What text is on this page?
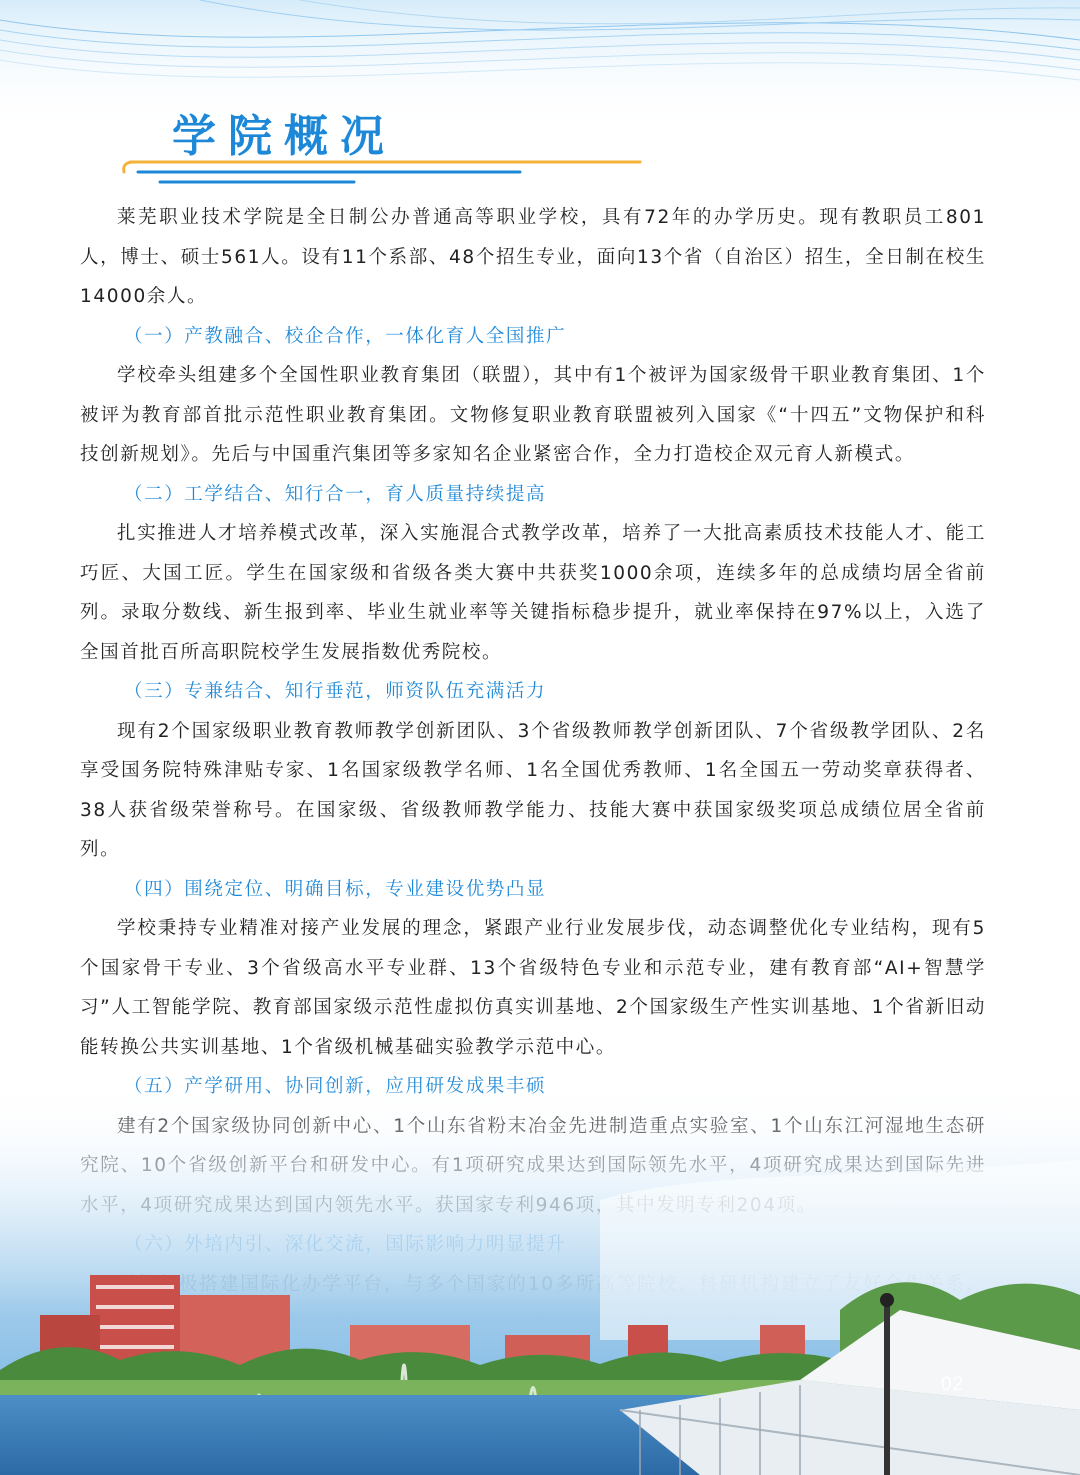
学院概况

莱芜职业技术学院是全日制公办普通高等职业学校，具有72年的办学历史。现有教职员工801人，博士、硕士561人。设有11个系部、48个招生专业，面向13个省（自治区）招生，全日制在校生14000余人。

（一）产教融合、校企合作，一体化育人全国推广

学校牵头组建多个全国性职业教育集团（联盟），其中有1个被评为国家级骨干职业教育集团、1个被评为教育部首批示范性职业教育集团。文物修复职业教育联盟被列入国家《“十四五”文物保护和科技创新规划》。先后与中国重汽集团等多家知名企业紧密合作，全力打造校企双元育人新模式。

（二）工学结合、知行合一，育人质量持续提高

扎实推进人才培养模式改革，深入实施混合式教学改革，培养了一大批高素质技术技能人才、能工巧匠、大国工匠。学生在国家级和省级各类大赛中共获奖1000余项，连续多年的总成绩均居全省前列。录取分数线、新生报到率、毕业生就业率等关键指标稳步提升，就业率保持在97%以上，入选了全国首批百所高职院校学生发展指数优秀院校。

（三）专兼结合、知行垂范，师资队伍充满活力

现有2个国家级职业教育教师教学创新团队、3个省级教师教学创新团队、7个省级教学团队、2名享受国务院特殊津贴专家、1名国家级教学名师、1名全国优秀教师、1名全国五一劳动奖章获得者、38人获省级荣誉称号。在国家级、省级教师教学能力、技能大赛中获国家级奖项总成绩位居全省前列。

（四）围绕定位、明确目标，专业建设优势凸显

学校秉持专业精准对接产业发展的理念，紧跟产业行业发展步伐，动态调整优化专业结构，现有5个国家骨干专业、3个省级高水平专业群、13个省级特色专业和示范专业，建有教育部“AI+智慧学习”人工智能学院、教育部国家级示范性虚拟仿真实训基地、2个国家级生产性实训基地、1个省新旧动能转换公共实训基地、1个省级机械基础实验教学示范中心。

02
